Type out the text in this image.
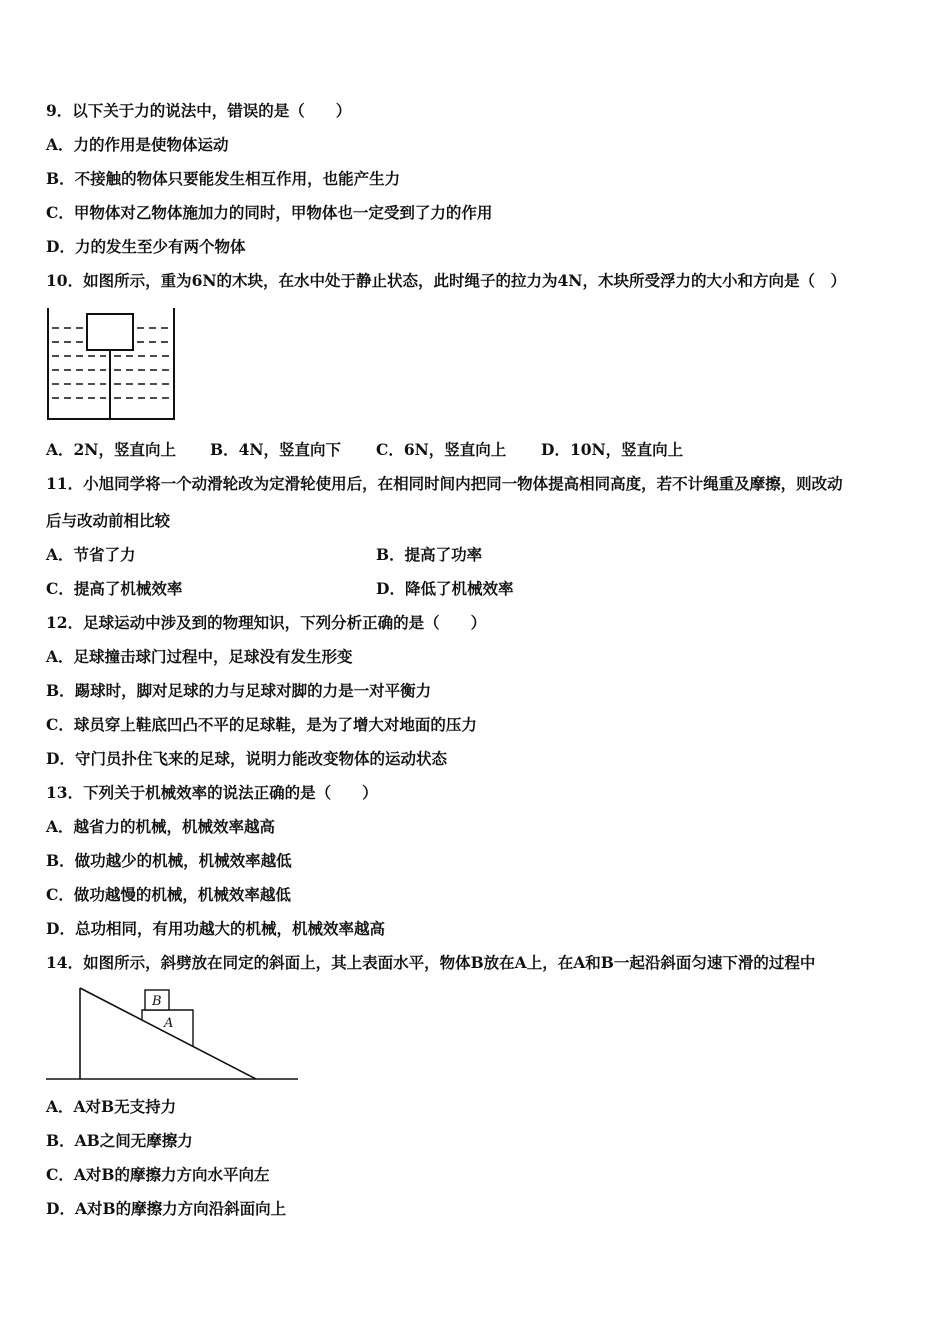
9．以下关于力的说法中，错误的是（　　）
A．力的作用是使物体运动
B．不接触的物体只要能发生相互作用，也能产生力
C．甲物体对乙物体施加力的同时，甲物体也一定受到了力的作用
D．力的发生至少有两个物体
10．如图所示，重为6N的木块，在水中处于静止状态，此时绳子的拉力为4N，木块所受浮力的大小和方向是（　）
A．2N，竖直向上 B．4N，竖直向下 C．6N，竖直向上 D．10N，竖直向上
11．小旭同学将一个动滑轮改为定滑轮使用后，在相同时间内把同一物体提高相同高度，若不计绳重及摩擦，则改动
后与改动前相比较
A．节省了力	B．提高了功率
C．提高了机械效率	D．降低了机械效率
12．足球运动中涉及到的物理知识，下列分析正确的是（　　）
A．足球撞击球门过程中，足球没有发生形变
B．踢球时，脚对足球的力与足球对脚的力是一对平衡力
C．球员穿上鞋底凹凸不平的足球鞋，是为了增大对地面的压力
D．守门员扑住飞来的足球，说明力能改变物体的运动状态
13．下列关于机械效率的说法正确的是（　　）
A．越省力的机械，机械效率越高
B．做功越少的机械，机械效率越低
C．做功越慢的机械，机械效率越低
D．总功相同，有用功越大的机械，机械效率越高
14．如图所示，斜劈放在同定的斜面上，其上表面水平，物体B放在A上，在A和B一起沿斜面匀速下滑的过程中
B
A
A．A对B无支持力
B．AB之间无摩擦力
C．A对B的摩擦力方向水平向左
D．A对B的摩擦力方向沿斜面向上
